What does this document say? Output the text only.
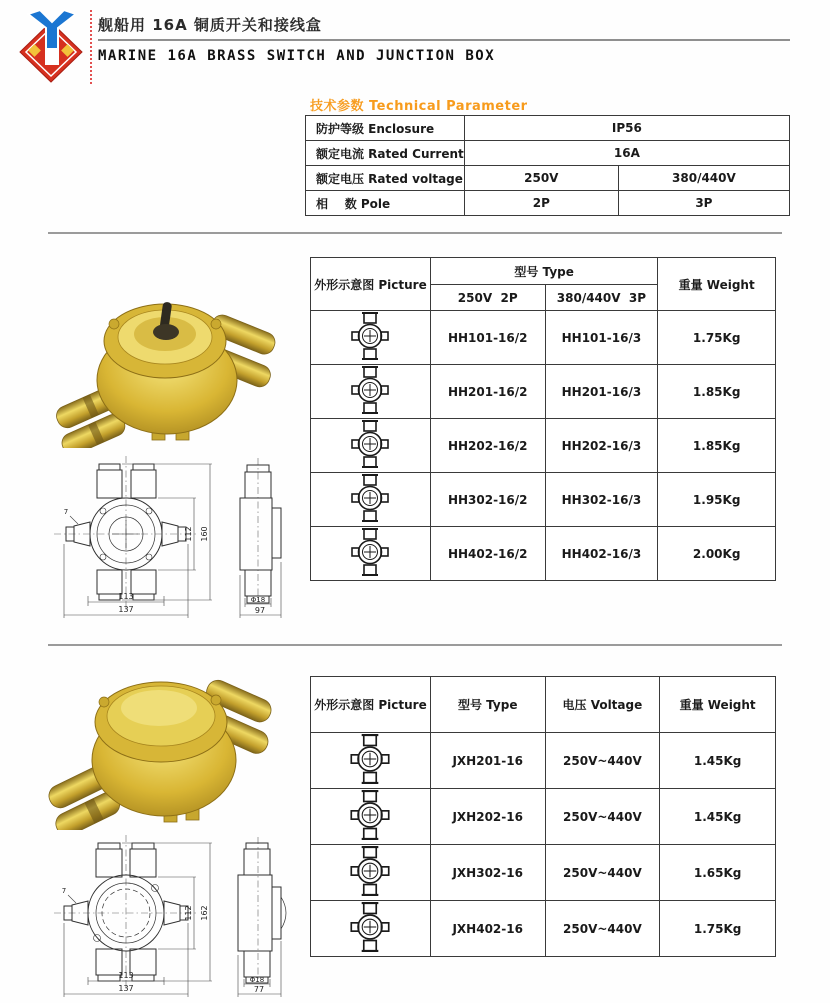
舰船用 16A 铜质开关和接线盒
MARINE 16A BRASS SWITCH AND JUNCTION BOX
技术参数 Technical Parameter
防护等级 Enclosure	IP56	
额定电流 Rated Current	16A	
额定电压 Rated voltage	250V	380/440V
相    数 Pole	2P	3P
113
137
112 160
Φ18
97
7
外形示意图 Picture	型号 Type		重量 Weight
	250V  2P	380/440V  3P	
	HH101-16/2	HH101-16/3	1.75Kg
	HH201-16/2	HH201-16/3	1.85Kg
	HH202-16/2	HH202-16/3	1.85Kg
	HH302-16/2	HH302-16/3	1.95Kg
	HH402-16/2	HH402-16/3	2.00Kg
113
137
112 162
Φ18
77
7
外形示意图 Picture	型号 Type	电压 Voltage	重量 Weight
	JXH201-16	250V~440V	1.45Kg
	JXH202-16	250V~440V	1.45Kg
	JXH302-16	250V~440V	1.65Kg
	JXH402-16	250V~440V	1.75Kg
